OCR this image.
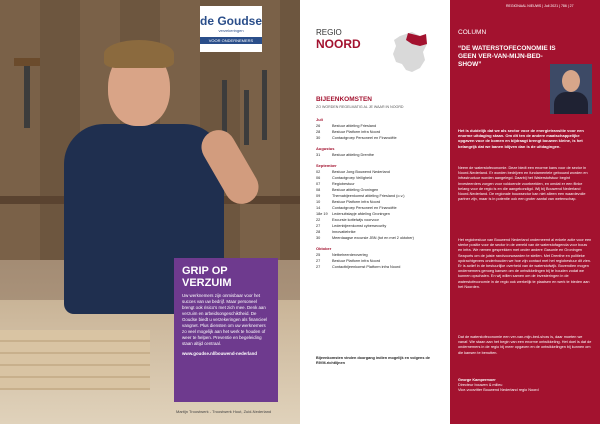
de Goudse
verzekeringen
VOOR ONDERNEMERS
GRIP OP
VERZUIM

Uw werknemers zijn onmisbaar voor het succes van uw bedrijf. Maar personeel brengt ook risico's met zich mee. Denk aan verzuim en arbeidsongeschiktheid. De Goudse biedt u verzekeringen als financieel vangnet. Plus diensten om uw werknemers zo veel mogelijk aan het werk te houden of weer te helpen. Preventie en begeleiding staan altijd centraal.

www.goudse.nl/bouwend-nederland

Martijn Troostwerk - Troostwerk Hout, Zuid-Nederland
REGIO
NOORD
BIJEENKOMSTEN
ZO WORDEN REGELMATIG AL JE WAAR IN NOORD
Juli
26	Bestuur afdeling Friesland
28	Bestuur Platform infra Noord
30	Contactgroep Personeel en Financiële
Augustus
31	Bestuur afdeling Drenthe
September
02	Bestuur Jong Bouwend Nederland
06	Contactgroep Veiligheid
07	Regiobestuur
08	Bestuur afdeling Groningen
09	Themabijeenkomst afdeling Friesland (o.v.)
10	Bestuur Platform infra Noord
14	Contactgroep Personeel en Financiële
18e 19 Ledenuitstapje afdeling Groningen
22	Excursie kottelwijs voorvoor
27	Ledenbijeenkomst cybersecurity
28	Innovatiebrike
30	Meerdaagse excursie JBN (tot en met 2 oktober)
Oktober
25	Netbeheerderoverleg
27	Bestuur Platform infra Noord
27	Contactbijeenkomst Platform infra Noord
Bijeenkomsten vinden doorgang indien mogelijk en volgens de RIVM-richtlijnen
REGIONAAL NIEUWS | Juli 2021 | 786 | 27
COLUMN
“DE WATERSTOFECONOMIE IS GEEN VER-VAN-MIJN-BED-SHOW”
Het is duidelijk dat we als sector voor de energietransitie voor een enorme uitdaging staan. Om dit ten de andere maatschappelijke opgaven voor de komen en bijdraagt brengt bouwen kleine, is het belangrijk dat we banen blijven dan is de uitdagingen.
Neem de waterstofeconomie. Deze biedt een enorme kans voor de sector in Noord-Nederland. Er worden bedrijven en fundamentele gebouwd worden en infrastructuur worden aangelegd. Daarbij het Waterstofstuur begint Investeerders zorgen voor voldoende voorbeelden, en omdat er een flinke belang voor de regio is en die aangekondigd. Wij bij Bouwend Nederland Noord-Nederland. De regionale bouwsector kan niet alleen een waardevolle partner zijn, maar is in potentie ook een groter aantal van wetenschap.
Het regiobestuur van Bouwend Nederland onderneemt al enkele actie voor een sterke positie voor de sector in de wereld van de waterstofagenda voor bouw en infra. We nemen gesprekken met onder andere Gasunie en Groningen Seaports om de juiste randvoorwaarden te stellen. Met Drenthe en politieke opdrachtgevers onderhouden we hoe zijn contact met het regiobestuur dit zien. Er is actief in de bestuurlijke overheid van de waterstofwijk. Bovendien mogen ondernemers genoeg kansen om de ontwikkelingen bij te houden zodat we kunnen opschalen. En wij willen samen om de investeringen in de waterstofeconomie in de regio ook werkelijk te plaatsen en werk te bieden aan het Noorden.
Dat de waterstofeconomie een ver-van-mijn-bed-show is, daar moeten we vanaf. We staan aan het begin van een enorme ontwikkeling. Het doel is dat de ondernemers in de regio bij meer opgaven en de ontwikkelingen bij kunnen om die kansen te benutten.
George Kampermoer
Directeur bouwen & milieu
Vice-voorzitter Bouwend Nederland regio Noord
